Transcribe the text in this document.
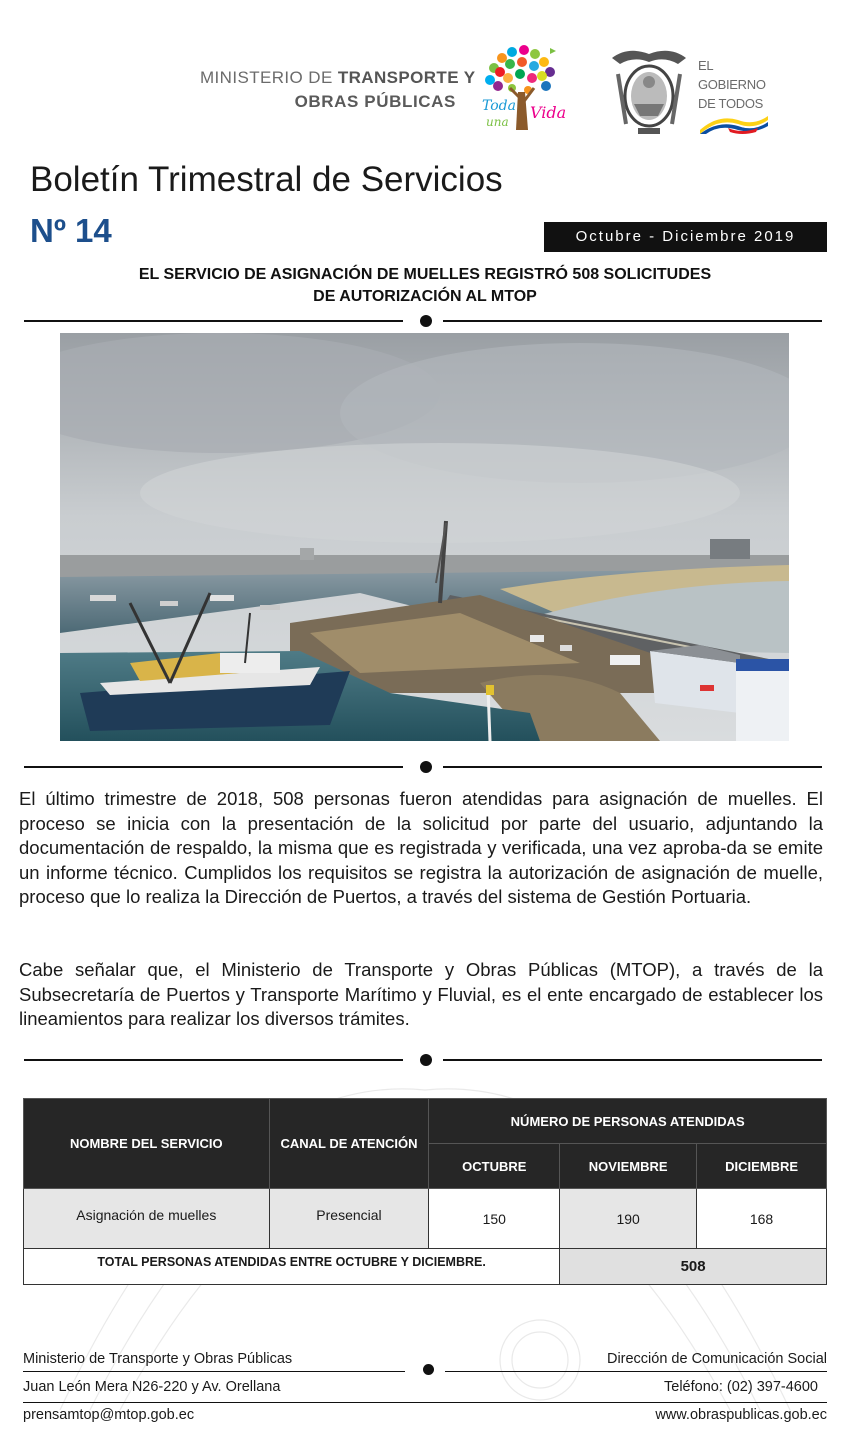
MINISTERIO DE TRANSPORTE Y
OBRAS PÚBLICAS Toda
una Vida
EL
GOBIERNO
DE TODOS
Boletín Trimestral de Servicios
Nº 14	Octubre - Diciembre 2019
EL SERVICIO DE ASIGNACIÓN DE MUELLES REGISTRÓ 508 SOLICITUDES
DE AUTORIZACIÓN AL MTOP

El último trimestre de 2018, 508 personas fueron atendidas para asignación de muelles. El proceso se inicia con la presentación de la solicitud por parte del usuario, adjuntando la documentación de respaldo, la misma que es registrada y verificada, una vez aproba-da se emite un informe técnico. Cumplidos los requisitos se registra la autorización de asignación de muelle, proceso que lo realiza la Dirección de Puertos, a través del sistema de Gestión Portuaria.

Cabe señalar que, el Ministerio de Transporte y Obras Públicas (MTOP), a través de la Subsecretaría de Puertos y Transporte Marítimo y Fluvial, es el ente encargado de establecer los lineamientos para realizar los diversos trámites.

NOMBRE DEL SERVICIO	CANAL DE ATENCIÓN	NÚMERO DE PERSONAS ATENDIDAS		
		OCTUBRE	NOVIEMBRE	DICIEMBRE
Asignación de muelles	Presencial	150	190	168
TOTAL PERSONAS ATENDIDAS ENTRE OCTUBRE Y DICIEMBRE.			508	
Ministerio de Transporte y Obras Públicas	Dirección de Comunicación Social
Juan León Mera N26-220 y Av. Orellana	Teléfono: (02) 397-4600
prensamtop@mtop.gob.ec	www.obraspublicas.gob.ec
